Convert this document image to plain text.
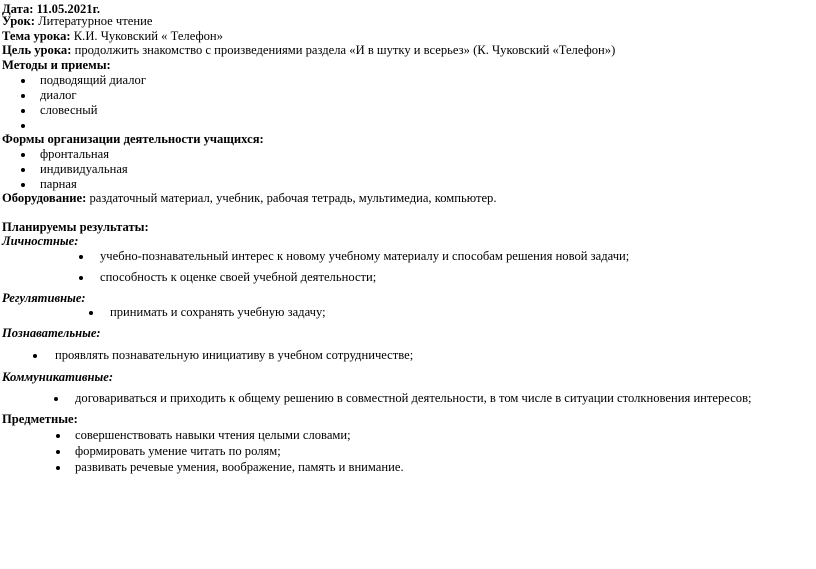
Дата: 11.05.2021г.
Урок: Литературное чтение
Тема урока: К.И. Чуковский « Телефон»
Цель урока: продолжить знакомство с произведениями раздела «И в шутку и всерьез» (К. Чуковский «Телефон»)
Методы и приемы:
подводящий диалог
диалог
словесный
Формы организации деятельности учащихся:
фронтальная
индивидуальная
парная
Оборудование: раздаточный материал, учебник, рабочая тетрадь, мультимедиа, компьютер.
Планируемы результаты:
Личностные:
учебно-познавательный интерес к новому учебному материалу и способам решения новой задачи;
способность к оценке своей учебной деятельности;
Регулятивные:
принимать и сохранять учебную задачу;
Познавательные:
проявлять познавательную инициативу в учебном сотрудничестве;
Коммуникативные:
договариваться и приходить к общему решению в совместной деятельности, в том числе в ситуации столкновения интересов;
Предметные:
совершенствовать навыки чтения целыми словами;
формировать умение читать по ролям;
развивать речевые умения, воображение, память и внимание.
